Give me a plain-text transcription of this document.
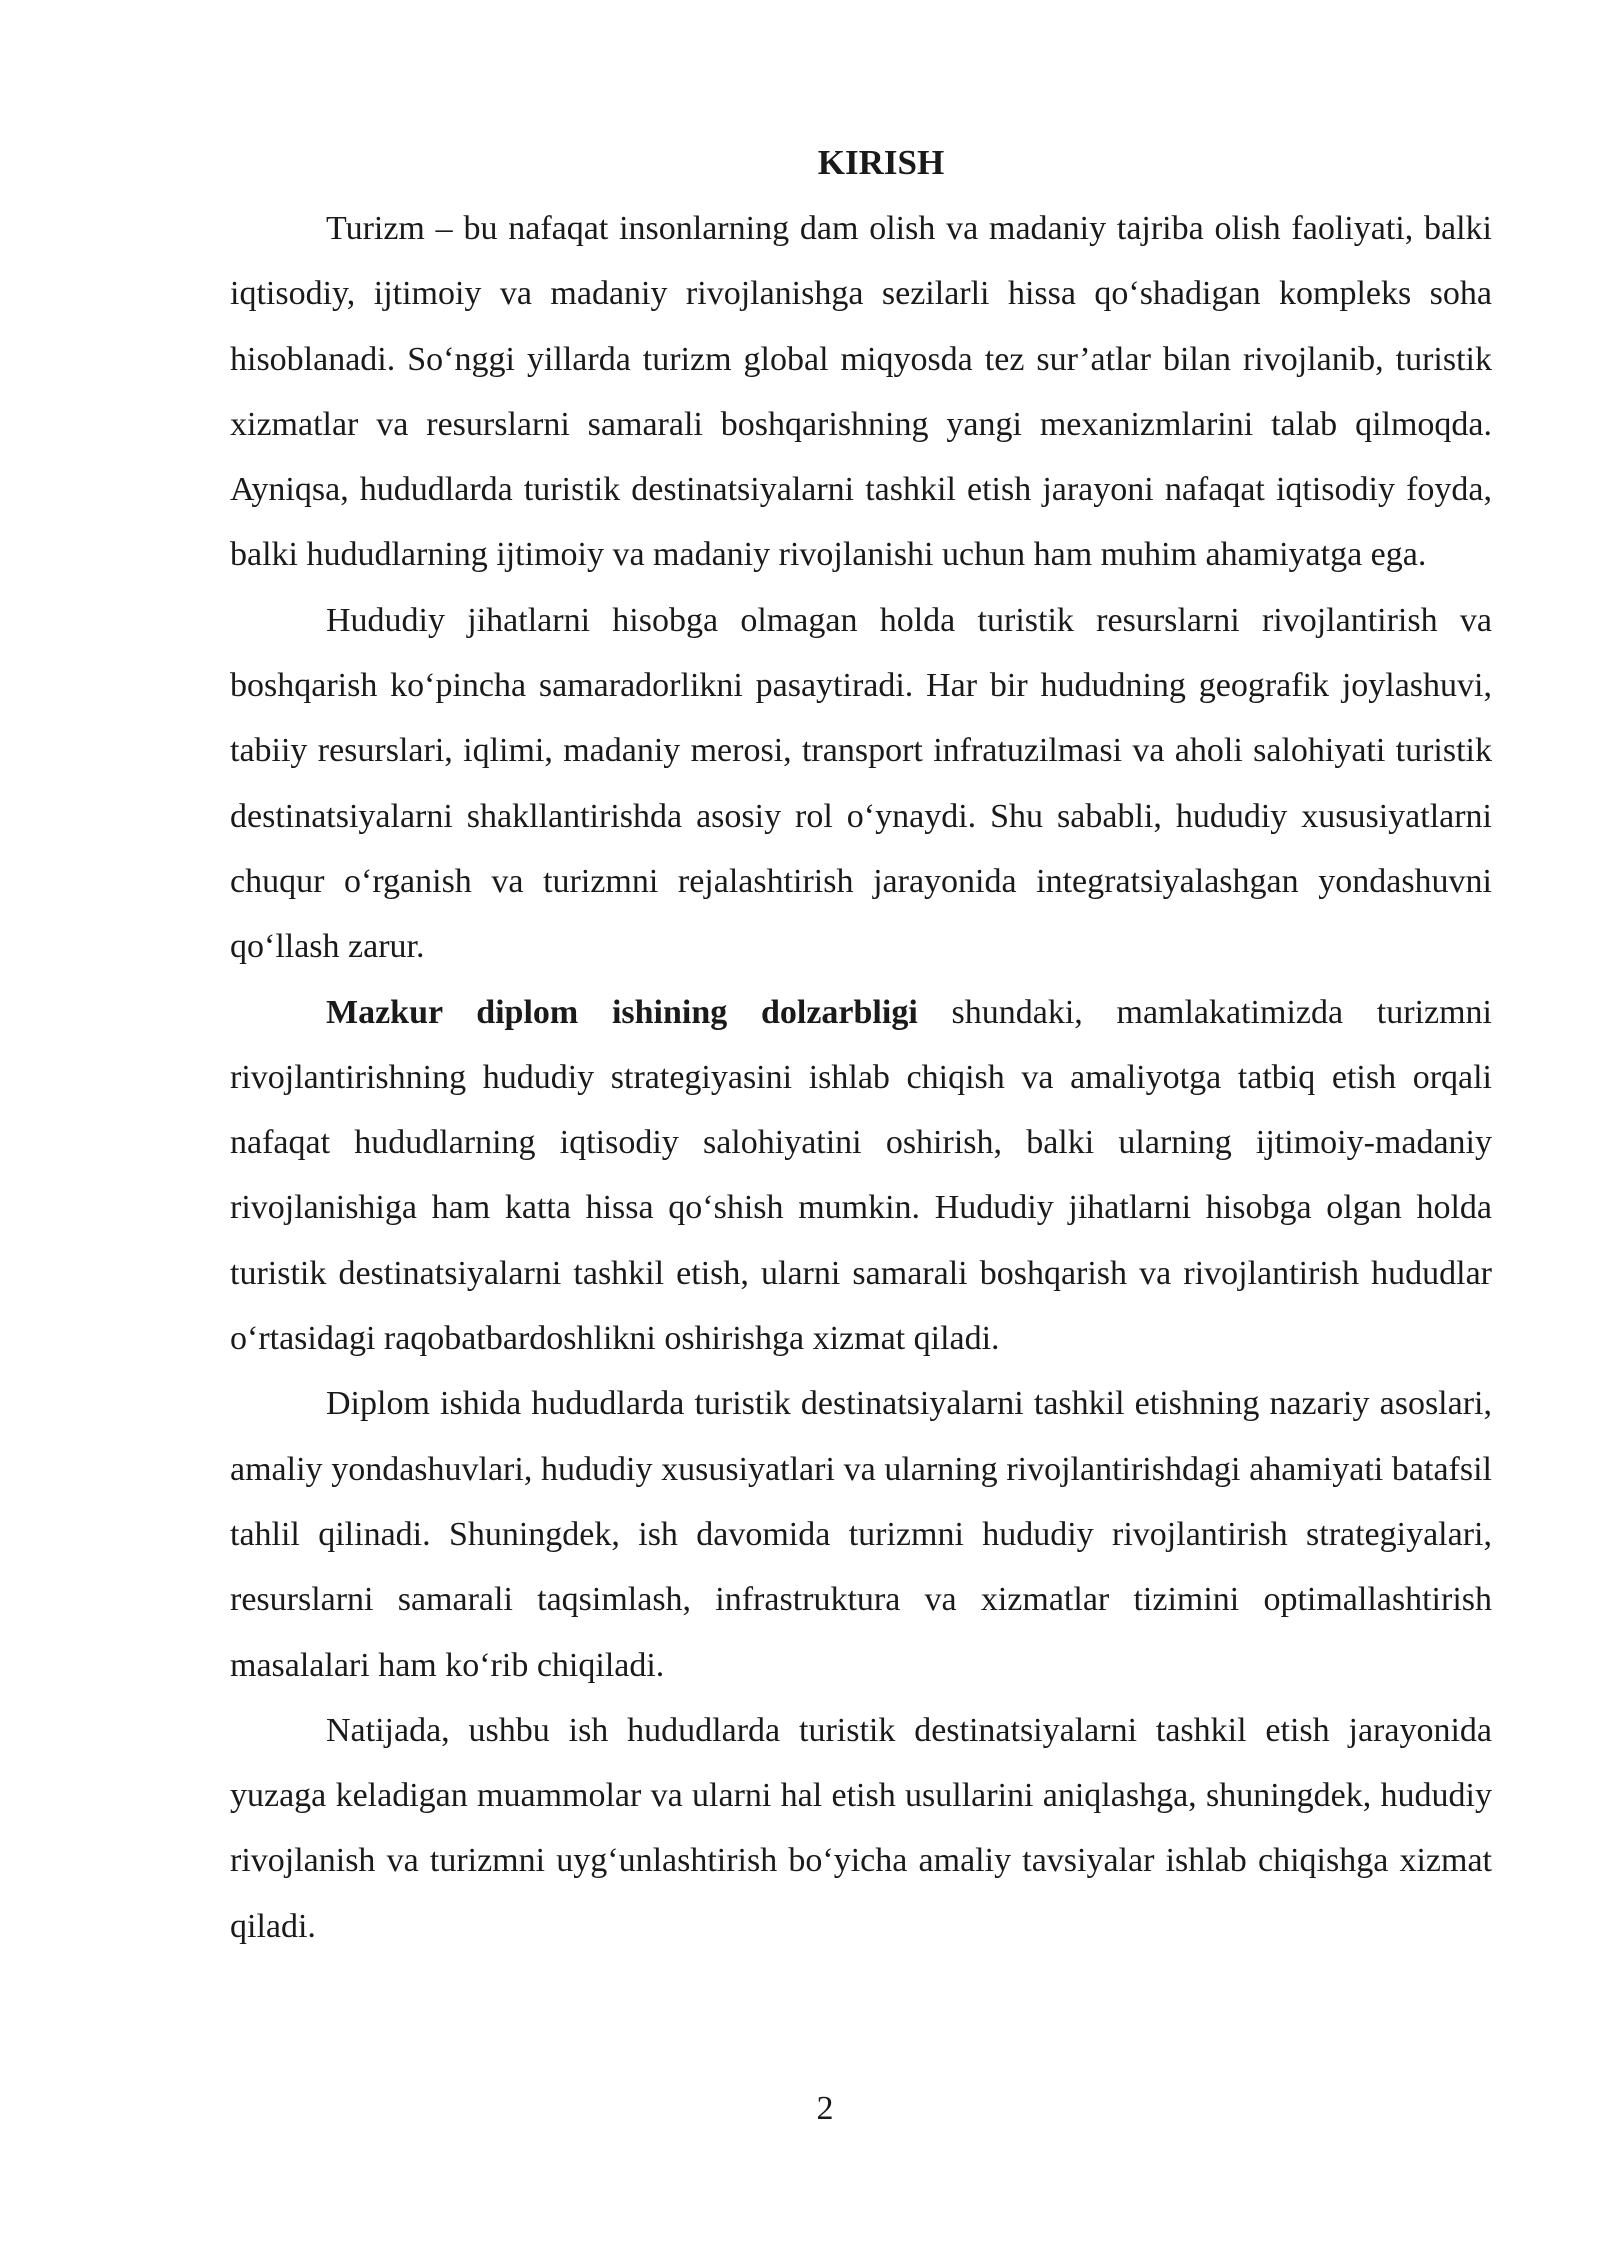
KIRISH

Turizm – bu nafaqat insonlarning dam olish va madaniy tajriba olish faoliyati, balki iqtisodiy, ijtimoiy va madaniy rivojlanishga sezilarli hissa qo‘shadigan kompleks soha hisoblanadi. So‘nggi yillarda turizm global miqyosda tez sur’atlar bilan rivojlanib, turistik xizmatlar va resurslarni samarali boshqarishning yangi mexanizmlarini talab qilmoqda. Ayniqsa, hududlarda turistik destinatsiyalarni tashkil etish jarayoni nafaqat iqtisodiy foyda, balki hududlarning ijtimoiy va madaniy rivojlanishi uchun ham muhim ahamiyatga ega.

Hududiy jihatlarni hisobga olmagan holda turistik resurslarni rivojlantirish va boshqarish ko‘pincha samaradorlikni pasaytiradi. Har bir hududning geografik joylashuvi, tabiiy resurslari, iqlimi, madaniy merosi, transport infratuzilmasi va aholi salohiyati turistik destinatsiyalarni shakllantirishda asosiy rol o‘ynaydi. Shu sababli, hududiy xususiyatlarni chuqur o‘rganish va turizmni rejalashtirish jarayonida integratsiyalashgan yondashuvni qo‘llash zarur.

Mazkur diplom ishining dolzarbligi shundaki, mamlakatimizda turizmni rivojlantirishning hududiy strategiyasini ishlab chiqish va amaliyotga tatbiq etish orqali nafaqat hududlarning iqtisodiy salohiyatini oshirish, balki ularning ijtimoiy-madaniy rivojlanishiga ham katta hissa qo‘shish mumkin. Hududiy jihatlarni hisobga olgan holda turistik destinatsiyalarni tashkil etish, ularni samarali boshqarish va rivojlantirish hududlar o‘rtasidagi raqobatbardoshlikni oshirishga xizmat qiladi.

Diplom ishida hududlarda turistik destinatsiyalarni tashkil etishning nazariy asoslari, amaliy yondashuvlari, hududiy xususiyatlari va ularning rivojlantirishdagi ahamiyati batafsil tahlil qilinadi. Shuningdek, ish davomida turizmni hududiy rivojlantirish strategiyalari, resurslarni samarali taqsimlash, infrastruktura va xizmatlar tizimini optimallashtirish masalalari ham ko‘rib chiqiladi.

Natijada, ushbu ish hududlarda turistik destinatsiyalarni tashkil etish jarayonida yuzaga keladigan muammolar va ularni hal etish usullarini aniqlashga, shuningdek, hududiy rivojlanish va turizmni uyg‘unlashtirish bo‘yicha amaliy tavsiyalar ishlab chiqishga xizmat qiladi.

2
